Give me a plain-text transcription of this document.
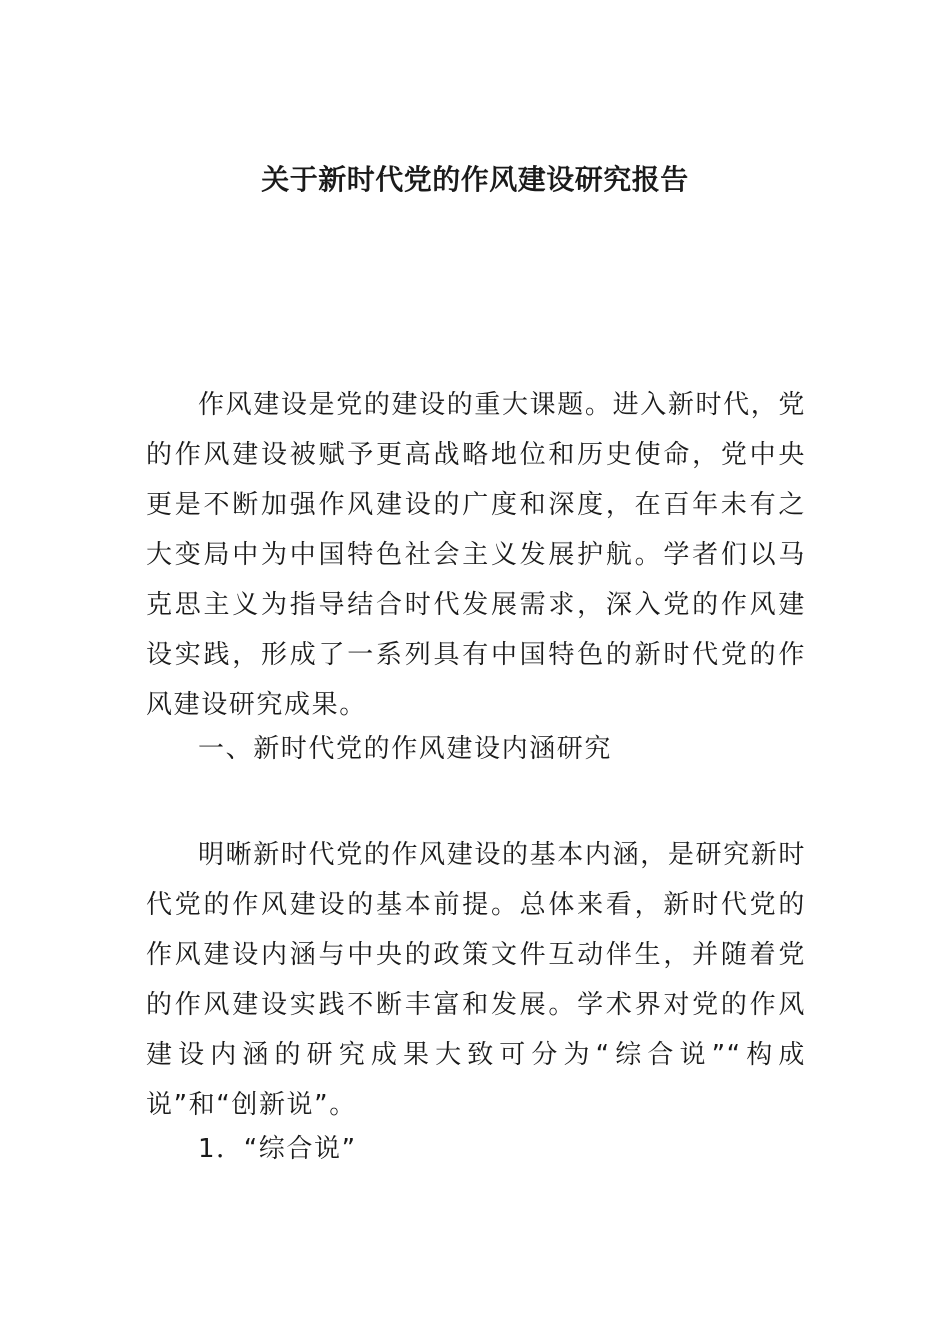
关于新时代党的作风建设研究报告

作风建设是党的建设的重大课题。进入新时代，党的作风建设被赋予更高战略地位和历史使命，党中央更是不断加强作风建设的广度和深度，在百年未有之大变局中为中国特色社会主义发展护航。学者们以马克思主义为指导结合时代发展需求，深入党的作风建设实践，形成了一系列具有中国特色的新时代党的作风建设研究成果。

一、新时代党的作风建设内涵研究

明晰新时代党的作风建设的基本内涵，是研究新时代党的作风建设的基本前提。总体来看，新时代党的作风建设内涵与中央的政策文件互动伴生，并随着党的作风建设实践不断丰富和发展。学术界对党的作风建设内涵的研究成果大致可分为“综合说”“构成说”和“创新说”。

1．“综合说”
